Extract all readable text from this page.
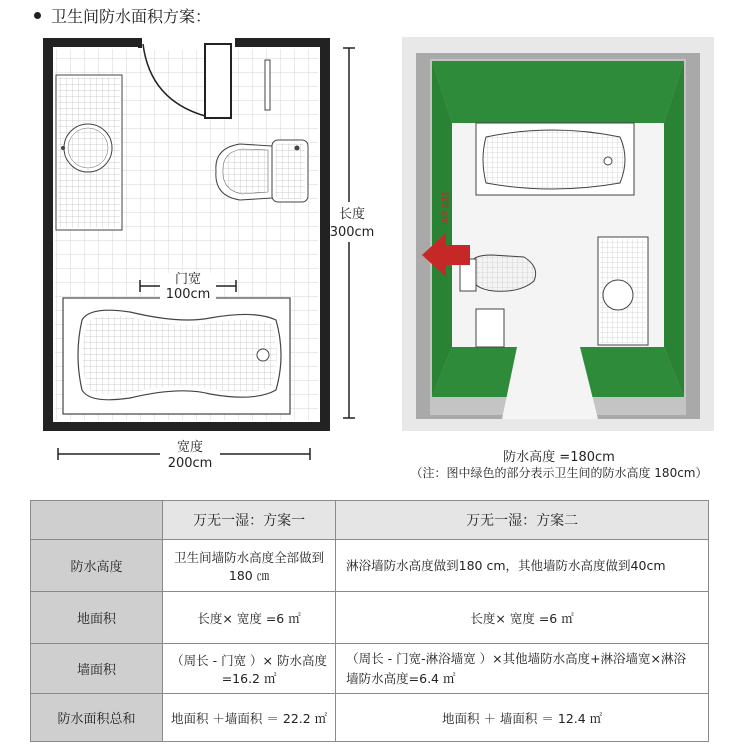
卫生间防水面积方案：
门宽
100cm
长度
300cm
宽度
200cm
180 cm
防水高度 =180cm
（注：图中绿色的部分表示卫生间的防水高度 180cm）
	万无一湿：方案一	万无一湿：方案二
防水高度	卫生间墙防水高度全部做到 180 ㎝	淋浴墙防水高度做到180 cm，其他墙防水高度做到40cm
地面积	长度× 宽度 =6 ㎡	长度× 宽度 =6 ㎡
墙面积	（周长 - 门宽 ）× 防水高度=16.2 ㎡	（周长 - 门宽-淋浴墙宽 ）×其他墙防水高度+淋浴墙宽×淋浴墙防水高度=6.4 ㎡
防水面积总和	地面积 ＋墙面积 ＝ 22.2 ㎡	地面积 ＋ 墙面积 ＝ 12.4 ㎡
